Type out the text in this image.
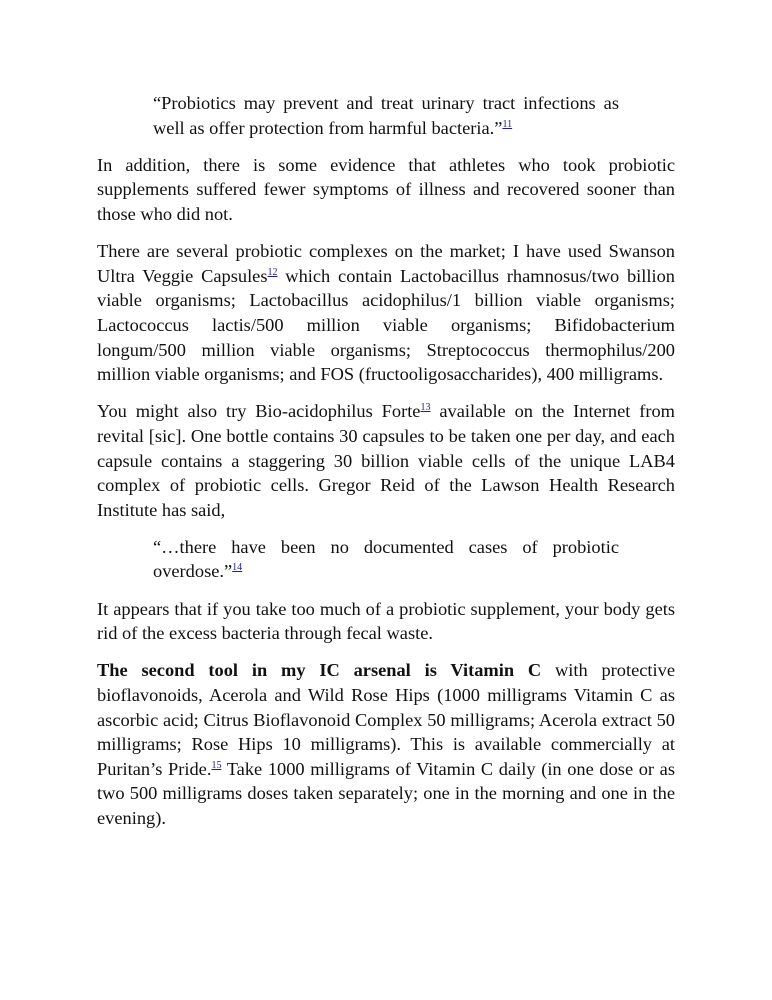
“Probiotics may prevent and treat urinary tract infections as well as offer protection from harmful bacteria.”$^{11}$

In addition, there is some evidence that athletes who took probiotic supplements suffered fewer symptoms of illness and recovered sooner than those who did not.

There are several probiotic complexes on the market; I have used Swanson Ultra Veggie Capsules$^{12}$ which contain Lactobacillus rhamnosus/two billion viable organisms; Lactobacillus acidophilus/1 billion viable organisms; Lactococcus lactis/500 million viable organisms; Bifidobacterium longum/500 million viable organisms; Streptococcus thermophilus/200 million viable organisms; and FOS (fructooligosaccharides), 400 milligrams.

You might also try Bio-acidophilus Forte$^{13}$ available on the Internet from revital [sic]. One bottle contains 30 capsules to be taken one per day, and each capsule contains a staggering 30 billion viable cells of the unique LAB4 complex of probiotic cells. Gregor Reid of the Lawson Health Research Institute has said,

“…there have been no documented cases of probiotic overdose.”$^{14}$

It appears that if you take too much of a probiotic supplement, your body gets rid of the excess bacteria through fecal waste.

The second tool in my IC arsenal is Vitamin C with protective bioflavonoids, Acerola and Wild Rose Hips (1000 milligrams Vitamin C as ascorbic acid; Citrus Bioflavonoid Complex 50 milligrams; Acerola extract 50 milligrams; Rose Hips 10 milligrams). This is available commercially at Puritan’s Pride.$^{15}$ Take 1000 milligrams of Vitamin C daily (in one dose or as two 500 milligrams doses taken separately; one in the morning and one in the evening).
